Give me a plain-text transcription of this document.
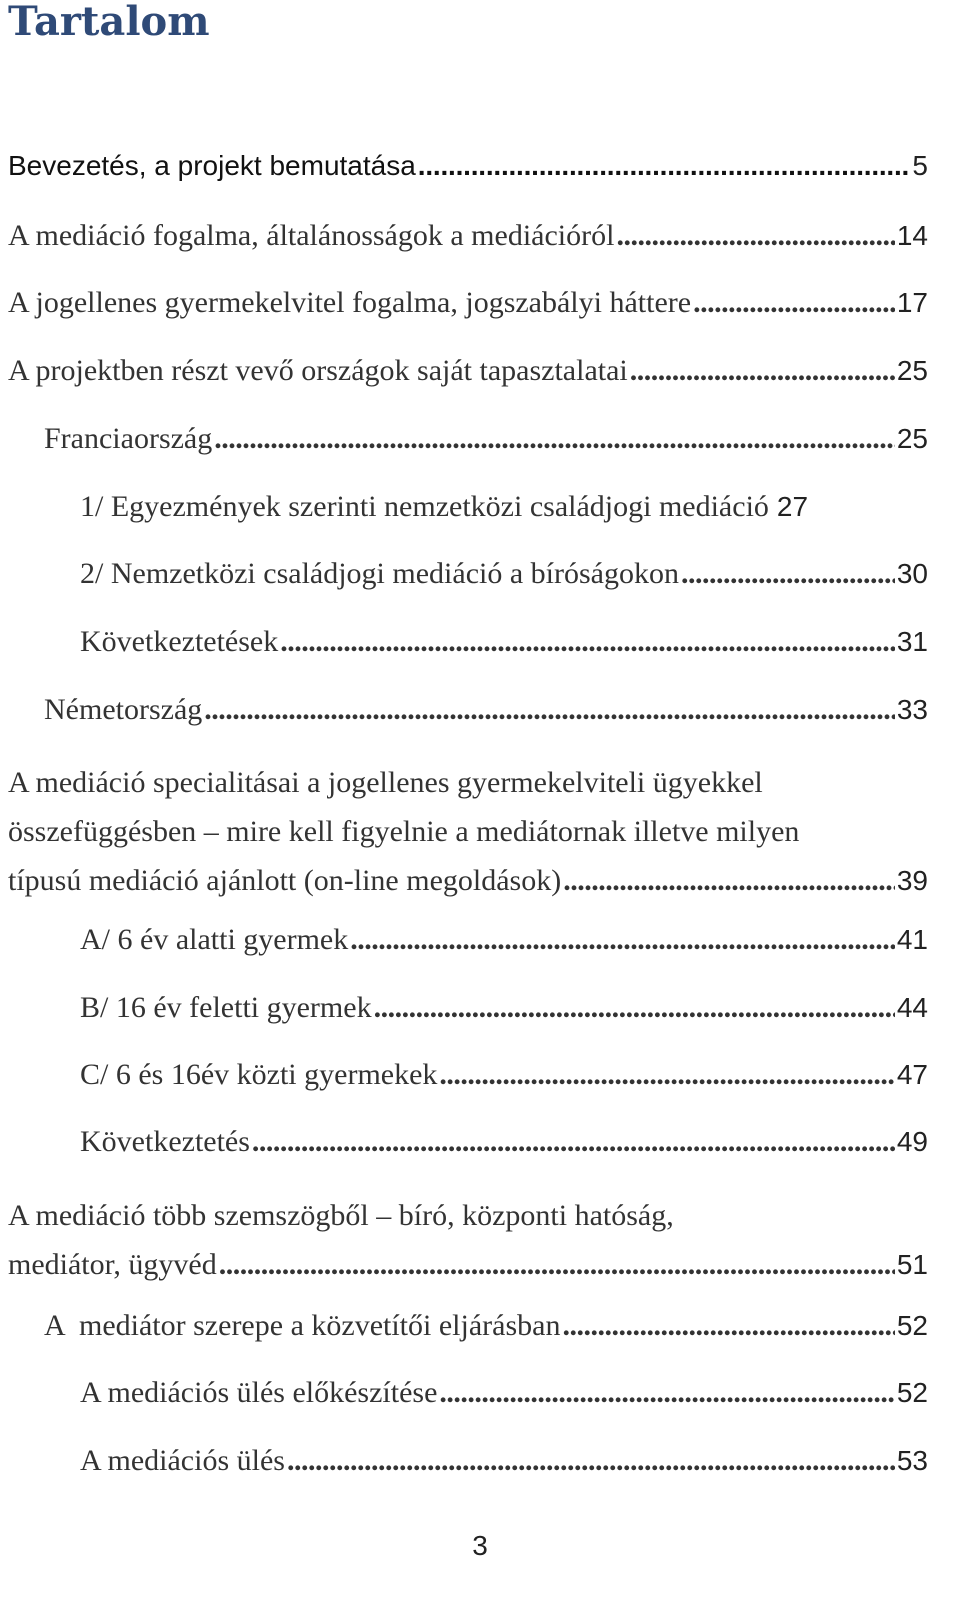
Tartalom
Bevezetés, a projekt bemutatása . . .	5
A mediáció fogalma, általánosságok a mediációról . . .	14
A jogellenes gyermekelvitel fogalma, jogszabályi háttere . . .	17
A projektben részt vevő országok saját tapasztalatai . . .	25
Franciaország . . .	25
1/ Egyezmények szerinti nemzetközi családjogi mediáció 27
2/ Nemzetközi családjogi mediáció a bíróságokon . . .	30
Következtetések . . .	31
Németország . . .	33
A mediáció specialitásai a jogellenes gyermekelviteli ügyekkel
összefüggésben – mire kell figyelnie a mediátornak illetve milyen
típusú mediáció ajánlott (on-line megoldások) . . .	39
A/ 6 év alatti gyermek . . .	41
B/ 16 év feletti gyermek . . .	44
C/ 6 és 16év közti gyermekek . . .	47
Következtetés . . .	49
A mediáció több szemszögből – bíró, központi hatóság,
mediátor, ügyvéd . . .	51
A  mediátor szerepe a közvetítői eljárásban . . .	52
A mediációs ülés előkészítése . . .	52
A mediációs ülés . . .	53
3
